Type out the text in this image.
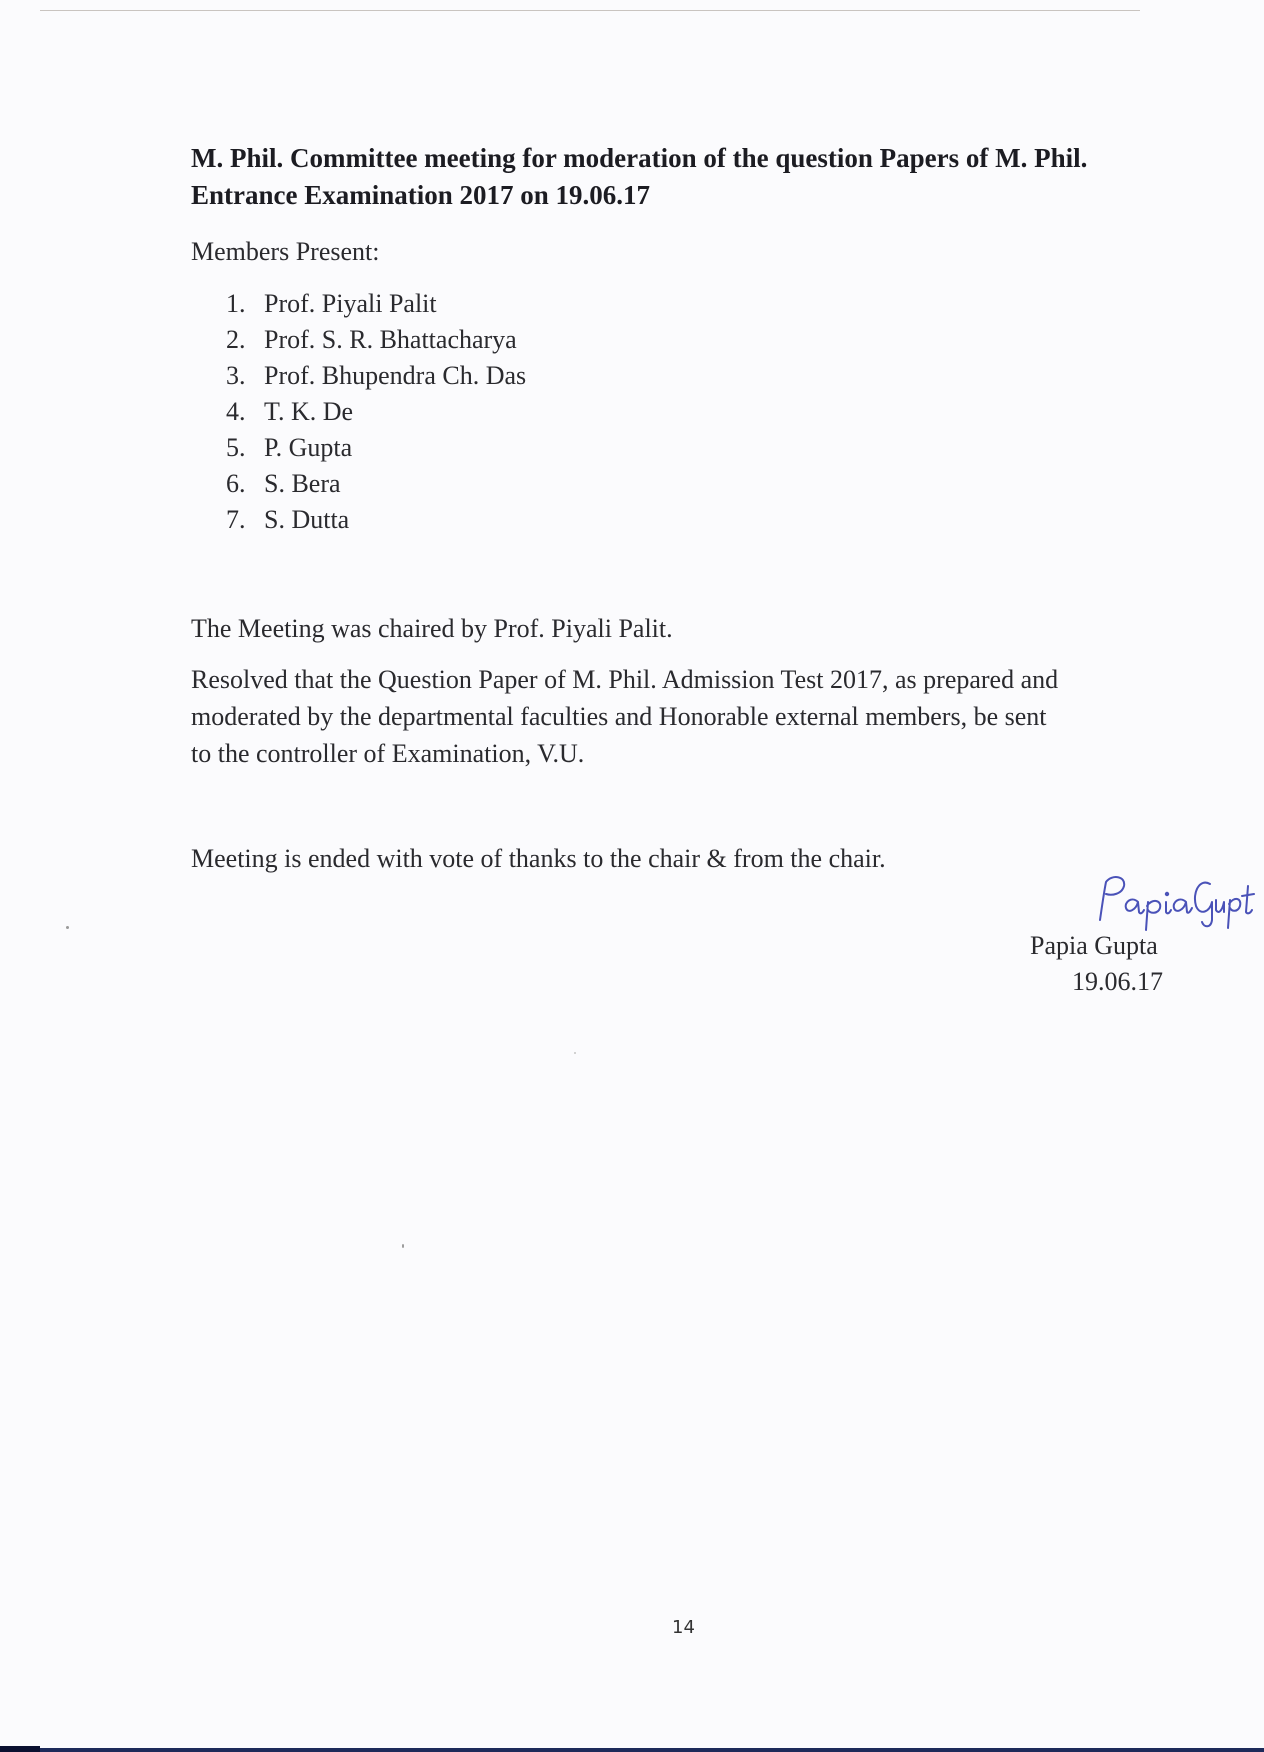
M. Phil. Committee meeting for moderation of the question Papers of M. Phil.
Entrance Examination 2017 on 19.06.17

Members Present:
1. Prof. Piyali Palit
2. Prof. S. R. Bhattacharya
3. Prof. Bhupendra Ch. Das
4. T. K. De
5. P. Gupta
6. S. Bera
7. S. Dutta

The Meeting was chaired by Prof. Piyali Palit.

Resolved that the Question Paper of M. Phil. Admission Test 2017, as prepared and
moderated by the departmental faculties and Honorable external members, be sent
to the controller of Examination, V.U.

Meeting is ended with vote of thanks to the chair & from the chair.

Papia Gupta
19.06.17
14
